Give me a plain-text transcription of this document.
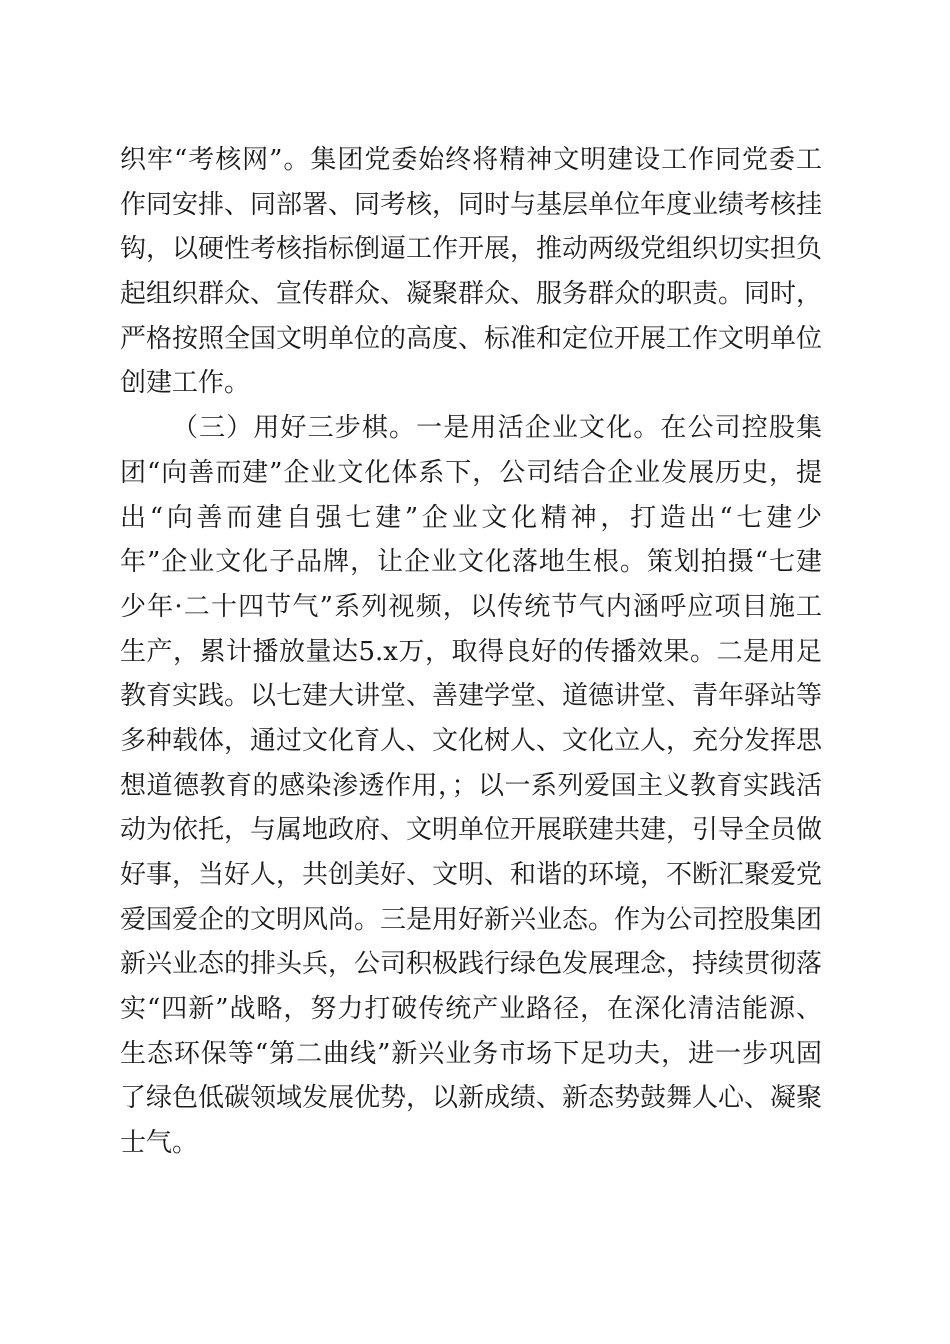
织牢“考核网”。集团党委始终将精神文明建设工作同党委工
作同安排、同部署、同考核，同时与基层单位年度业绩考核挂
钩，以硬性考核指标倒逼工作开展，推动两级党组织切实担负
起组织群众、宣传群众、凝聚群众、服务群众的职责。同时，
严格按照全国文明单位的高度、标准和定位开展工作文明单位
创建工作。
（三）用好三步棋。一是用活企业文化。在公司控股集
团“向善而建”企业文化体系下，公司结合企业发展历史，提
出“向善而建自强七建”企业文化精神，打造出“七建少
年”企业文化子品牌，让企业文化落地生根。策划拍摄“七建
少年·二十四节气”系列视频，以传统节气内涵呼应项目施工
生产，累计播放量达5.x万，取得良好的传播效果。二是用足
教育实践。以七建大讲堂、善建学堂、道德讲堂、青年驿站等
多种载体，通过文化育人、文化树人、文化立人，充分发挥思
想道德教育的感染渗透作用，；以一系列爱国主义教育实践活
动为依托，与属地政府、文明单位开展联建共建，引导全员做
好事，当好人，共创美好、文明、和谐的环境，不断汇聚爱党
爱国爱企的文明风尚。三是用好新兴业态。作为公司控股集团
新兴业态的排头兵，公司积极践行绿色发展理念，持续贯彻落
实“四新”战略，努力打破传统产业路径，在深化清洁能源、
生态环保等“第二曲线”新兴业务市场下足功夫，进一步巩固
了绿色低碳领域发展优势，以新成绩、新态势鼓舞人心、凝聚
士气。
